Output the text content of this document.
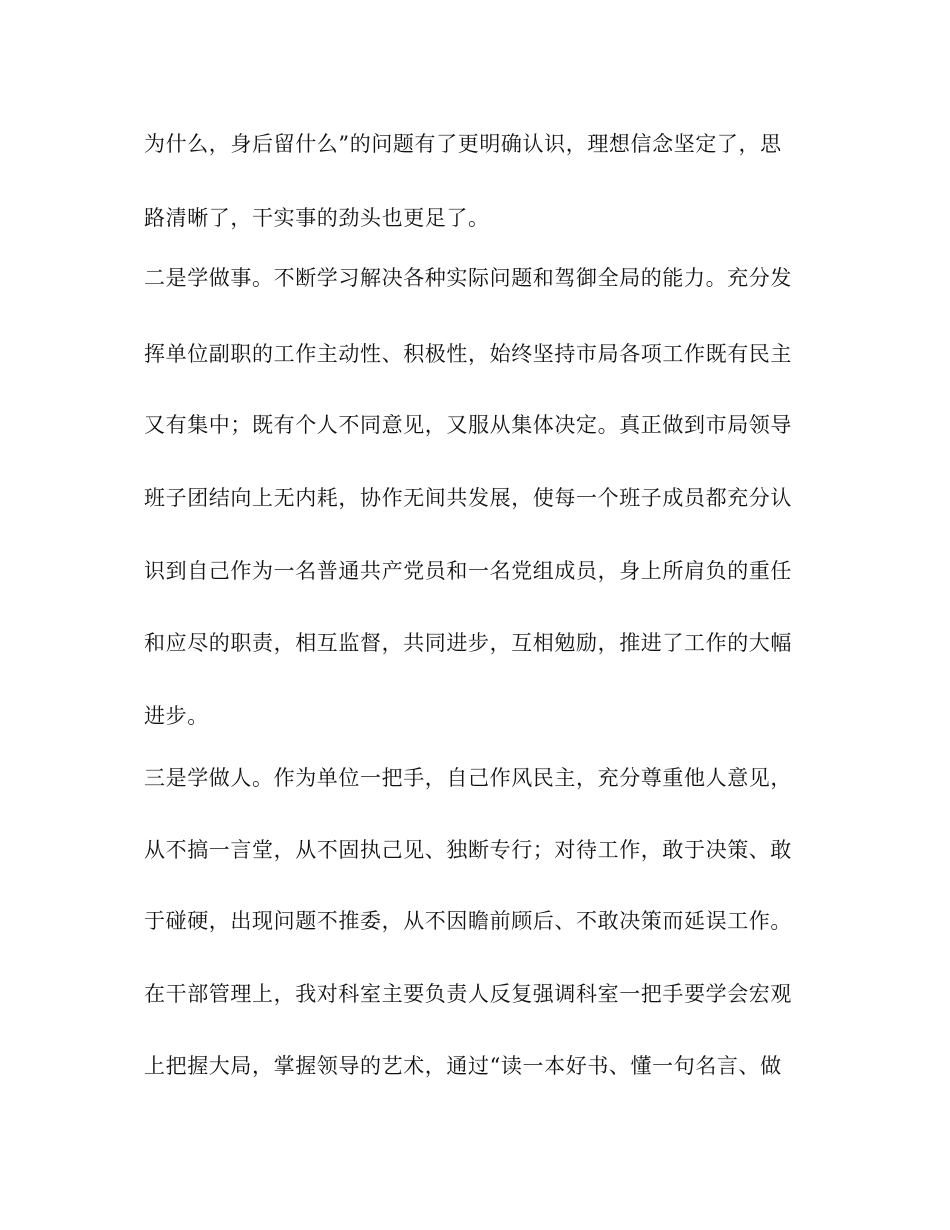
为什么，身后留什么”的问题有了更明确认识，理想信念坚定了，思
路清晰了，干实事的劲头也更足了。
二是学做事。不断学习解决各种实际问题和驾御全局的能力。充分发
挥单位副职的工作主动性、积极性，始终坚持市局各项工作既有民主
又有集中；既有个人不同意见，又服从集体决定。真正做到市局领导
班子团结向上无内耗，协作无间共发展，使每一个班子成员都充分认
识到自己作为一名普通共产党员和一名党组成员，身上所肩负的重任
和应尽的职责，相互监督，共同进步，互相勉励，推进了工作的大幅
进步。
三是学做人。作为单位一把手，自己作风民主，充分尊重他人意见，
从不搞一言堂，从不固执己见、独断专行；对待工作，敢于决策、敢
于碰硬，出现问题不推委，从不因瞻前顾后、不敢决策而延误工作。
在干部管理上，我对科室主要负责人反复强调科室一把手要学会宏观
上把握大局，掌握领导的艺术，通过“读一本好书、懂一句名言、做
